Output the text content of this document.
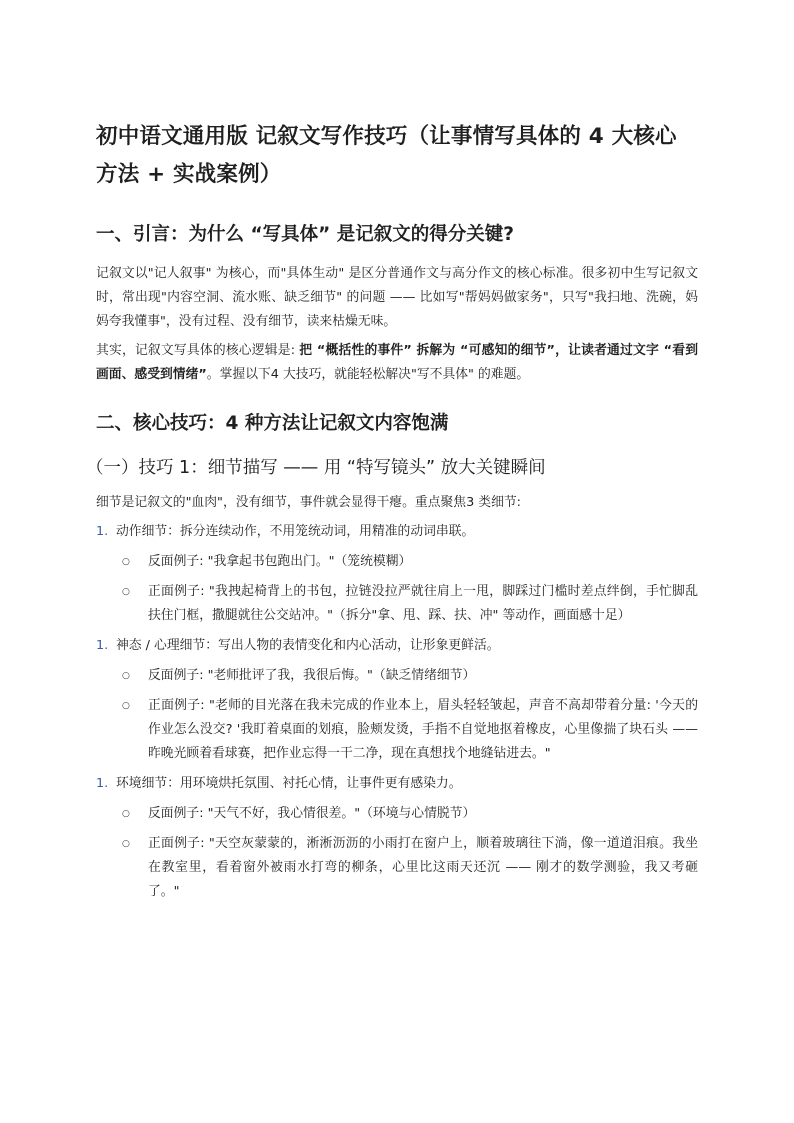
初中语文通用版 记叙文写作技巧（让事情写具体的 4 大核心方法 + 实战案例）
一、引言：为什么 “写具体” 是记叙文的得分关键?

记叙文以"记人叙事" 为核心，而"具体生动" 是区分普通作文与高分作文的核心标准。很多初中生写记叙文时，常出现"内容空洞、流水账、缺乏细节" 的问题 —— 比如写"帮妈妈做家务"，只写"我扫地、洗碗，妈妈夸我懂事"，没有过程、没有细节，读来枯燥无味。

其实，记叙文写具体的核心逻辑是: 把 “概括性的事件” 拆解为 “可感知的细节”，让读者通过文字 “看到画面、感受到情绪”。掌握以下4 大技巧，就能轻松解决"写不具体" 的难题。

二、核心技巧：4 种方法让记叙文内容饱满
（一）技巧 1：细节描写 —— 用 “特写镜头” 放大关键瞬间

细节是记叙文的"血肉"，没有细节，事件就会显得干瘪。重点聚焦3 类细节:

1. 动作细节：拆分连续动作，不用笼统动词，用精准的动词串联。
○	反面例子: "我拿起书包跑出门。"（笼统模糊）
○	正面例子: "我拽起椅背上的书包，拉链没拉严就往肩上一甩，脚踩过门槛时差点绊倒，手忙脚乱扶住门框，撒腿就往公交站冲。"（拆分"拿、甩、踩、扶、冲" 等动作，画面感十足）
1. 神态 / 心理细节：写出人物的表情变化和内心活动，让形象更鲜活。
○	反面例子: "老师批评了我，我很后悔。"（缺乏情绪细节）
○	正面例子: "老师的目光落在我未完成的作业本上，眉头轻轻皱起，声音不高却带着分量: '今天的作业怎么没交? '我盯着桌面的划痕，脸颊发烫，手指不自觉地抠着橡皮，心里像揣了块石头 —— 昨晚光顾着看球赛，把作业忘得一干二净，现在真想找个地缝钻进去。"
1. 环境细节：用环境烘托氛围、衬托心情，让事件更有感染力。
○	反面例子: "天气不好，我心情很差。"（环境与心情脱节）
○	正面例子: "天空灰蒙蒙的，淅淅沥沥的小雨打在窗户上，顺着玻璃往下淌，像一道道泪痕。我坐在教室里，看着窗外被雨水打弯的柳条，心里比这雨天还沉 —— 刚才的数学测验，我又考砸了。"
